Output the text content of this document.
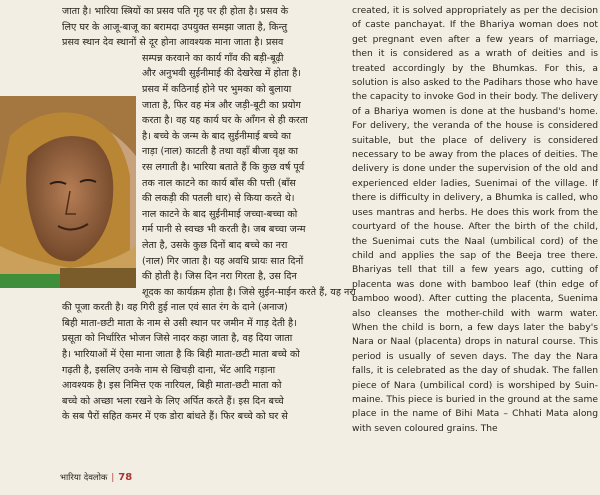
जाता है। भारिया स्त्रियों का प्रसव पति गृह पर ही होता है। प्रसव के

लिए घर के आजू-बाजू का बरामदा उपयुक्त समझा जाता है, किन्तु

प्रसव स्थान देव स्थानों से दूर होना आवश्यक माना जाता है। प्रसव

सम्पन्न करवाने का कार्य गाँव की बड़ी-बूढ़ी

और अनुभवी सुईनीमाई की देखरेख में होता है।

प्रसव में कठिनाई होने पर भुमका को बुलाया

जाता है, फिर वह मंत्र और जड़ी-बूटी का प्रयोग

करता है। वह यह कार्य घर के आँगन से ही करता

है। बच्चे के जन्म के बाद सुईनीमाई बच्चे का

नाड़ा (नाल) काटती है तथा वहाँ बीजा वृक्ष का

रस लगाती है। भारिया बताते हैं कि कुछ वर्ष पूर्व

तक नाल काटने का कार्य बाँस की पत्ती (बाँस

की लकड़ी की पतली धार) से किया करते थे।

नाल काटने के बाद सुईनीमाई जच्चा-बच्चा को

गर्म पानी से स्वच्छ भी करती है। जब बच्चा जन्म

लेता है, उसके कुछ दिनों बाद बच्चे का नरा

(नाल) गिर जाता है। यह अवधि प्रायः सात दिनों

की होती है। जिस दिन नरा गिरता है, उस दिन

शूदक का कार्यक्रम होता है। जिसे सुईन-माईन करते हैं, यह नरा

की पूजा करती है। वह गिरी हुई नाल एवं सात रंग के दाने (अनाज)

बिही माता-छटी माता के नाम से उसी स्थान पर जमीन में गाड़ देती है।

प्रसूता को निर्धारित भोजन जिसे नादर कहा जाता है, वह दिया जाता

है। भारियाओं में ऐसा माना जाता है कि बिही माता-छटी माता बच्चे को

गढ़ती है, इसलिए उनके नाम से खिचड़ी दाना, भेंट आदि गड़ाना

आवश्यक है। इस निमित्त एक नारियल, बिही माता-छटी माता को

बच्चे को अच्छा भला रखने के लिए अर्पित करते हैं। इस दिन बच्चे

के सब पैरों सहित कमर में एक डोरा बांधते हैं। फिर बच्चे को घर से

created, it is solved appropriately as per the decision of caste panchayat. If the Bhariya woman does not get pregnant even after a few years of marriage, then it is considered as a wrath of deities and is treated accordingly by the Bhumkas. For this, a solution is also asked to the Padihars those who have the capacity to invoke God in their body. The delivery of a Bhariya women is done at the husband's home. For delivery, the veranda of the house is considered suitable, but the place of delivery is considered necessary to be away from the places of deities. The delivery is done under the supervision of the old and experienced elder ladies, Suenimai of the village. If there is difficulty in delivery, a Bhumka is called, who uses mantras and herbs. He does this work from the courtyard of the house. After the birth of the child, the Suenimai cuts the Naal (umbilical cord) of the child and applies the sap of the Beeja tree there. Bhariyas tell that till a few years ago, cutting of placenta was done with bamboo leaf (thin edge of bamboo wood). After cutting the placenta, Suenima also cleanses the mother-child with warm water. When the child is born, a few days later the baby's Nara or Naal (placenta) drops in natural course. This period is usually of seven days. The day the Nara falls, it is celebrated as the day of shudak. The fallen piece of Nara (umbilical cord) is worshiped by Suin-maine. This piece is buried in the ground at the same place in the name of Bihi Mata – Chhati Mata along with seven coloured grains. The

भारिया देवलोक | 78
